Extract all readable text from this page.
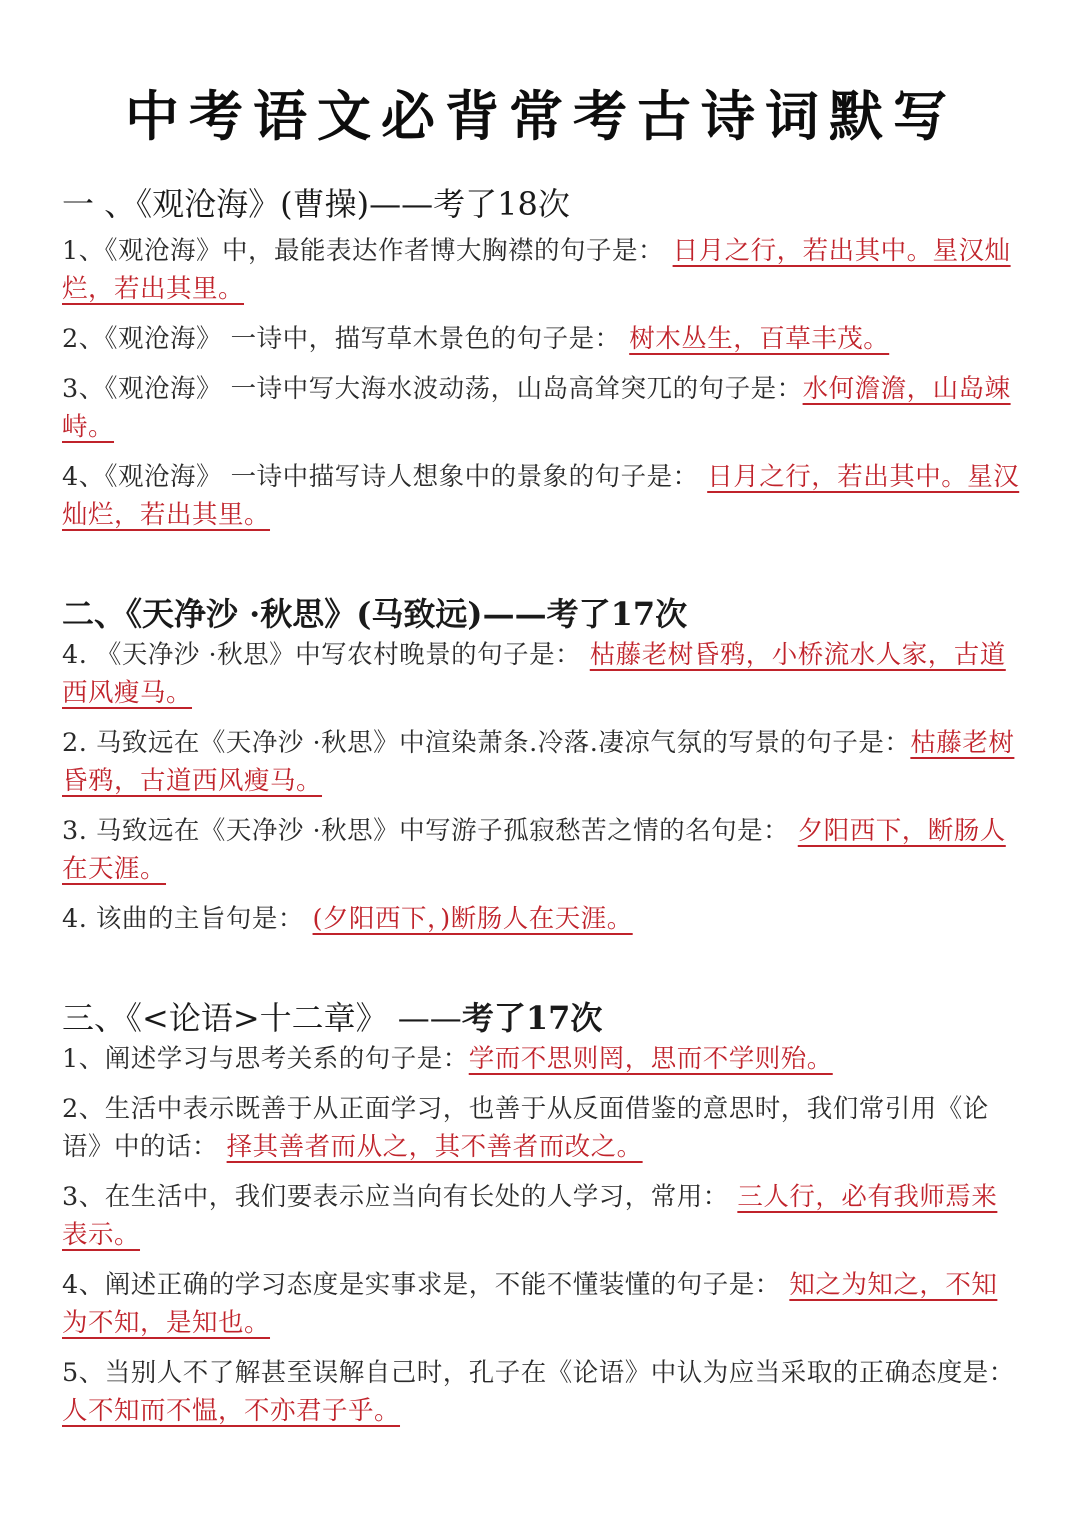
中考语文必背常考古诗词默写
一 、《观沧海》(曹操)——考了18次
1、《观沧海》中，最能表达作者博大胸襟的句子是： 日月之行，若出其中。星汉灿烂，若出其里。
2、《观沧海》 一诗中，描写草木景色的句子是： 树木丛生，百草丰茂。
3、《观沧海》 一诗中写大海水波动荡，山岛高耸突兀的句子是：水何澹澹，山岛竦峙。
4、《观沧海》 一诗中描写诗人想象中的景象的句子是： 日月之行，若出其中。星汉灿烂，若出其里。
二、《天净沙 ·秋思》(马致远)——考了17次
4. 《天净沙 ·秋思》中写农村晚景的句子是： 枯藤老树昏鸦，小桥流水人家，古道西风瘦马。
2. 马致远在《天净沙 ·秋思》中渲染萧条.冷落.凄凉气氛的写景的句子是：枯藤老树昏鸦，古道西风瘦马。
3. 马致远在《天净沙 ·秋思》中写游子孤寂愁苦之情的名句是： 夕阳西下，断肠人在天涯。
4. 该曲的主旨句是： (夕阳西下，)断肠人在天涯。
三、《<论语>十二章》 ——考了17次
1、阐述学习与思考关系的句子是：学而不思则罔，思而不学则殆。
2、生活中表示既善于从正面学习，也善于从反面借鉴的意思时，我们常引用《论语》中的话： 择其善者而从之，其不善者而改之。
3、在生活中，我们要表示应当向有长处的人学习，常用： 三人行，必有我师焉来表示。
4、阐述正确的学习态度是实事求是，不能不懂装懂的句子是： 知之为知之，不知为不知，是知也。
5、当别人不了解甚至误解自己时，孔子在《论语》中认为应当采取的正确态度是： 人不知而不愠，不亦君子乎。
